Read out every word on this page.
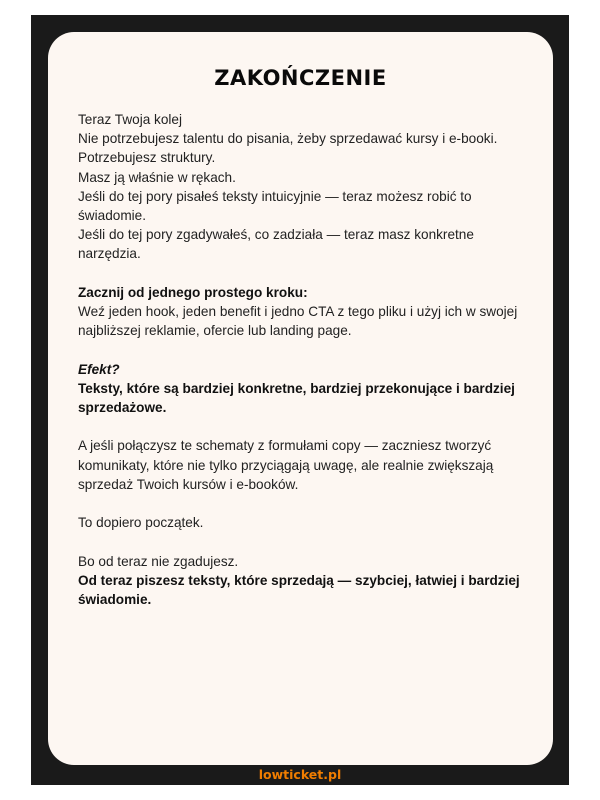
ZAKOŃCZENIE

Teraz Twoja kolej

Nie potrzebujesz talentu do pisania, żeby sprzedawać kursy i e-booki.

Potrzebujesz struktury.

Masz ją właśnie w rękach.

Jeśli do tej pory pisałeś teksty intuicyjnie — teraz możesz robić to świadomie.

Jeśli do tej pory zgadywałeś, co zadziała — teraz masz konkretne narzędzia.

Zacznij od jednego prostego kroku:

Weź jeden hook, jeden benefit i jedno CTA z tego pliku i użyj ich w swojej najbliższej reklamie, ofercie lub landing page.

Efekt?

Teksty, które są bardziej konkretne, bardziej przekonujące i bardziej sprzedażowe.

A jeśli połączysz te schematy z formułami copy — zaczniesz tworzyć komunikaty, które nie tylko przyciągają uwagę, ale realnie zwiększają sprzedaż Twoich kursów i e-booków.

To dopiero początek.

Bo od teraz nie zgadujesz.

Od teraz piszesz teksty, które sprzedają — szybciej, łatwiej i bardziej świadomie.

lowticket.pl
